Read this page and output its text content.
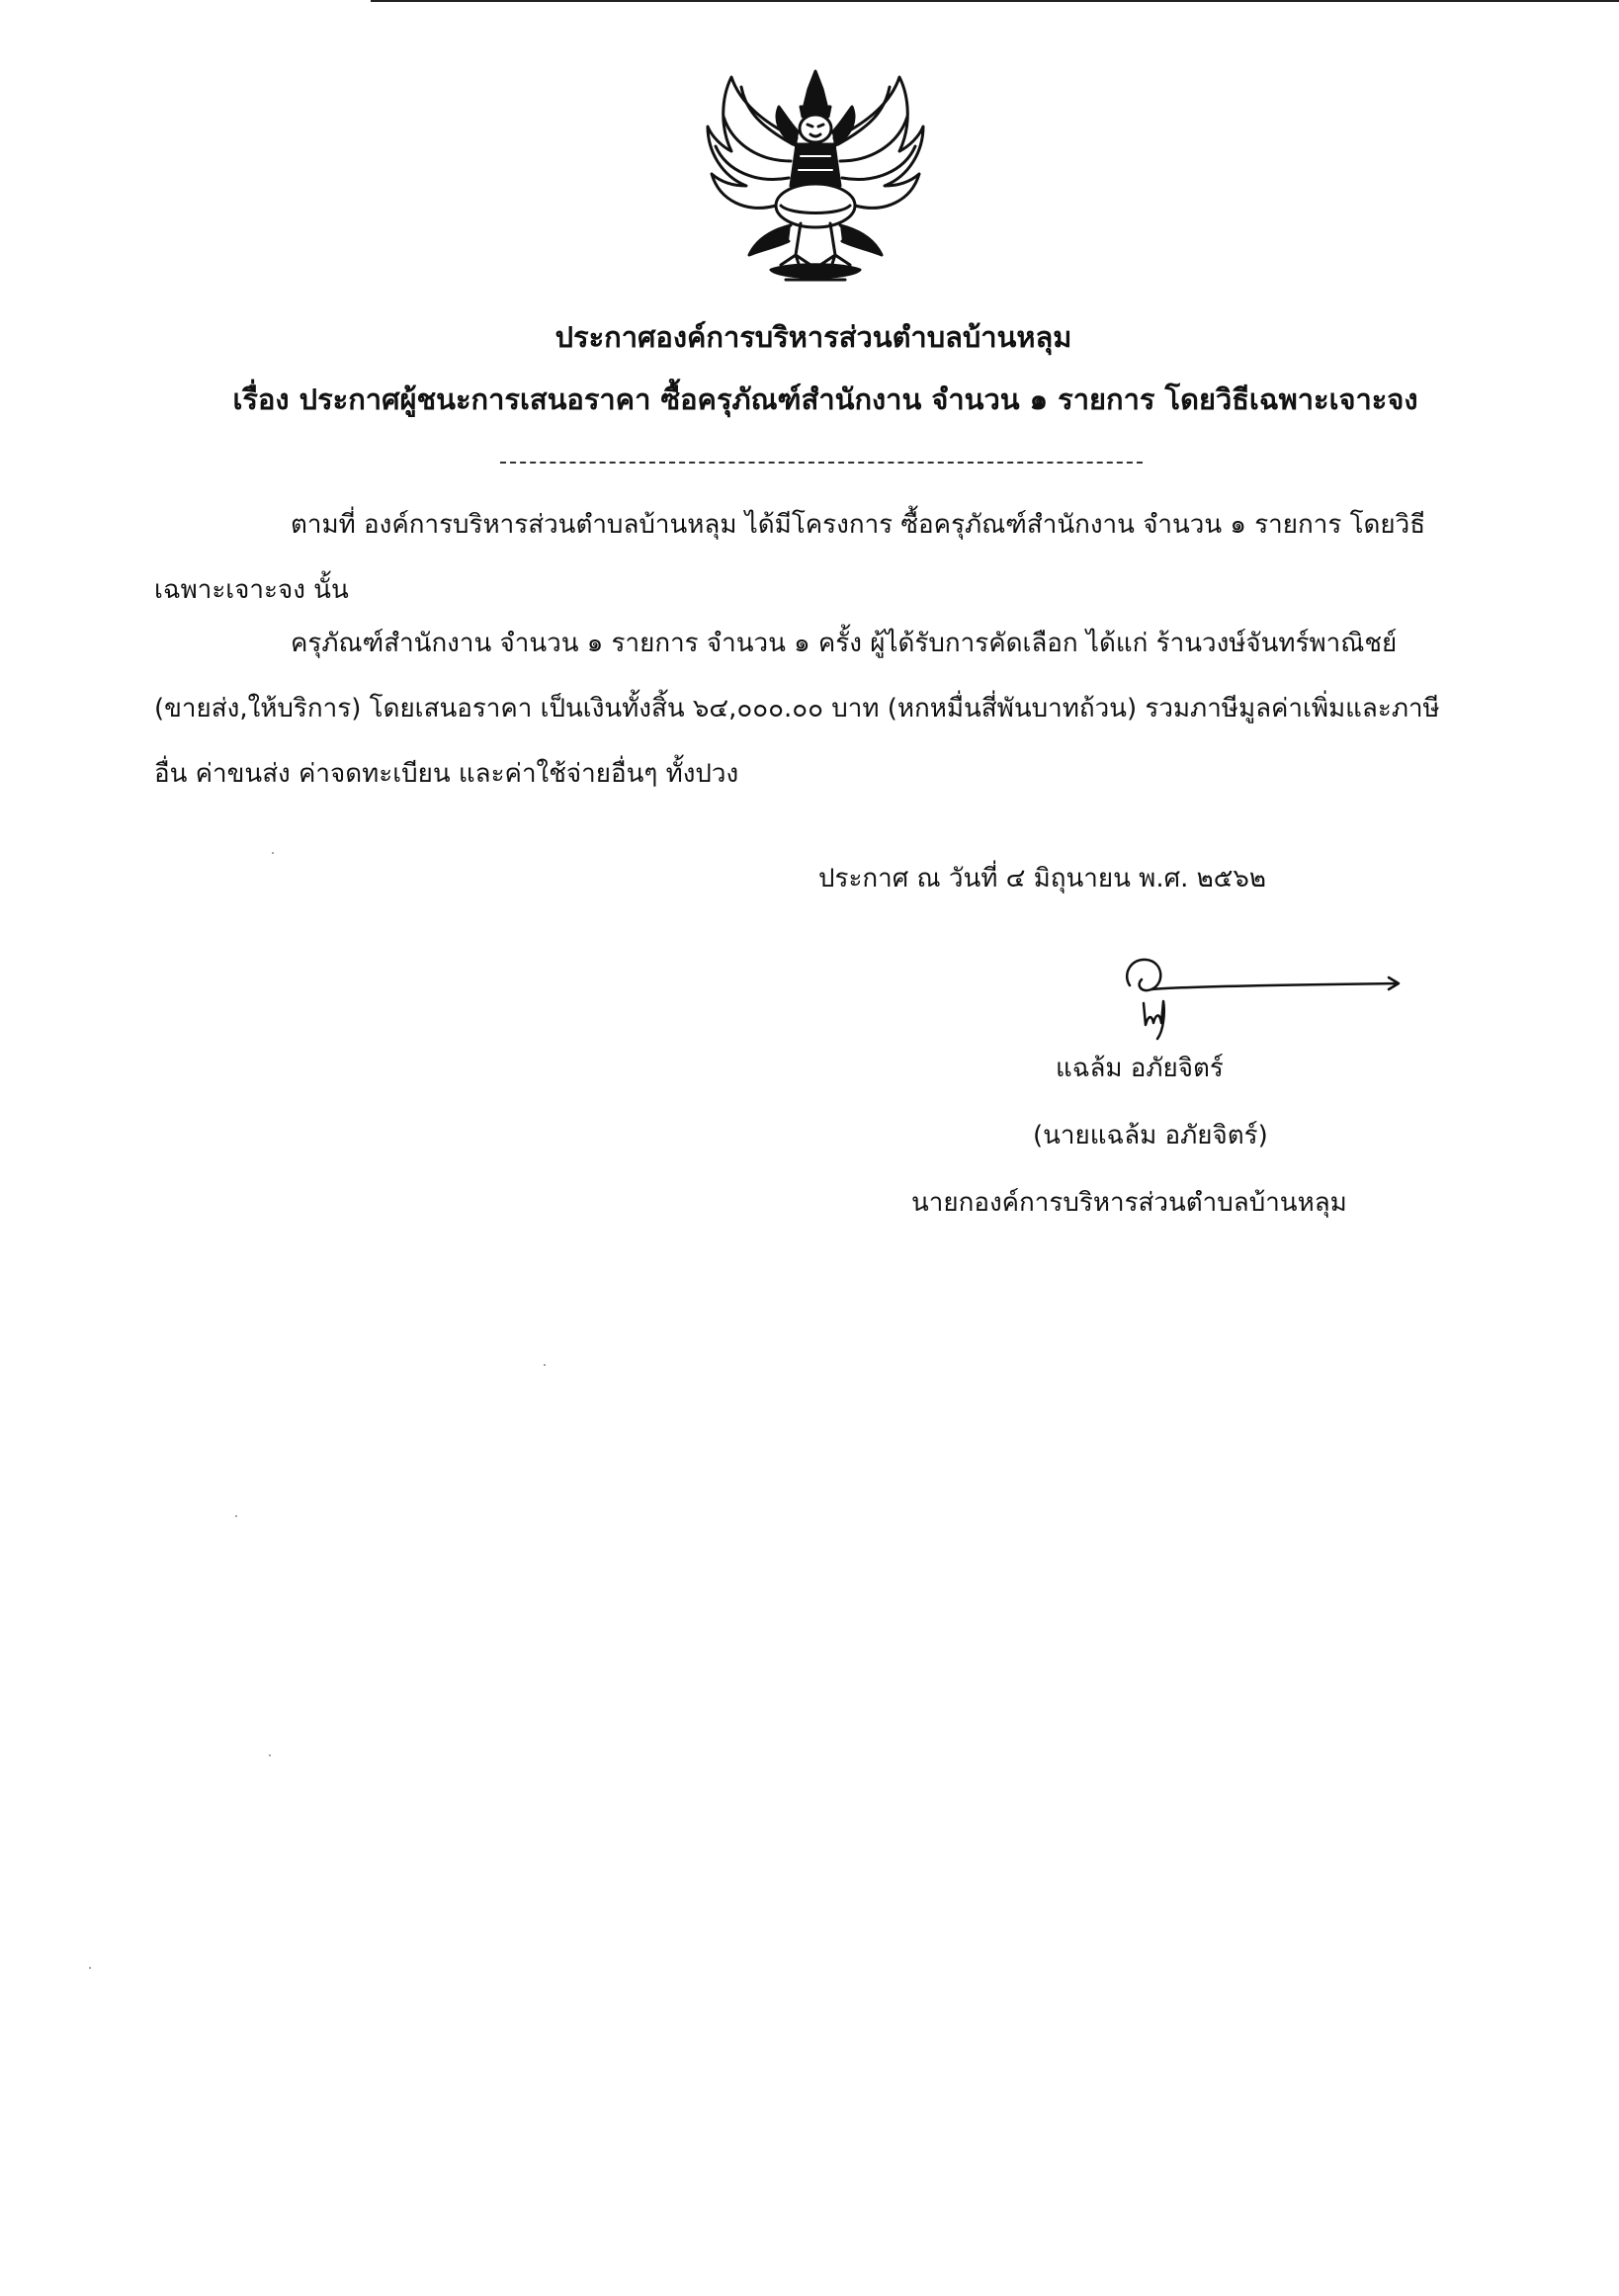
ประกาศองค์การบริหารส่วนตำบลบ้านหลุม
เรื่อง ประกาศผู้ชนะการเสนอราคา ซื้อครุภัณฑ์สำนักงาน จำนวน ๑ รายการ โดยวิธีเฉพาะเจาะจง

ตามที่ องค์การบริหารส่วนตำบลบ้านหลุม ได้มีโครงการ ซื้อครุภัณฑ์สำนักงาน จำนวน ๑ รายการ โดยวิธีเฉพาะเจาะจง นั้น

ครุภัณฑ์สำนักงาน จำนวน ๑ รายการ จำนวน ๑ ครั้ง ผู้ได้รับการคัดเลือก ได้แก่ ร้านวงษ์จันทร์พาณิชย์ (ขายส่ง,ให้บริการ) โดยเสนอราคา เป็นเงินทั้งสิ้น ๖๔,๐๐๐.๐๐ บาท (หกหมื่นสี่พันบาทถ้วน) รวมภาษีมูลค่าเพิ่มและภาษีอื่น ค่าขนส่ง ค่าจดทะเบียน และค่าใช้จ่ายอื่นๆ ทั้งปวง

ประกาศ ณ วันที่ ๔ มิถุนายน พ.ศ. ๒๕๖๒
แฉล้ม อภัยจิตร์
(นายแฉล้ม อภัยจิตร์)
นายกองค์การบริหารส่วนตำบลบ้านหลุม
